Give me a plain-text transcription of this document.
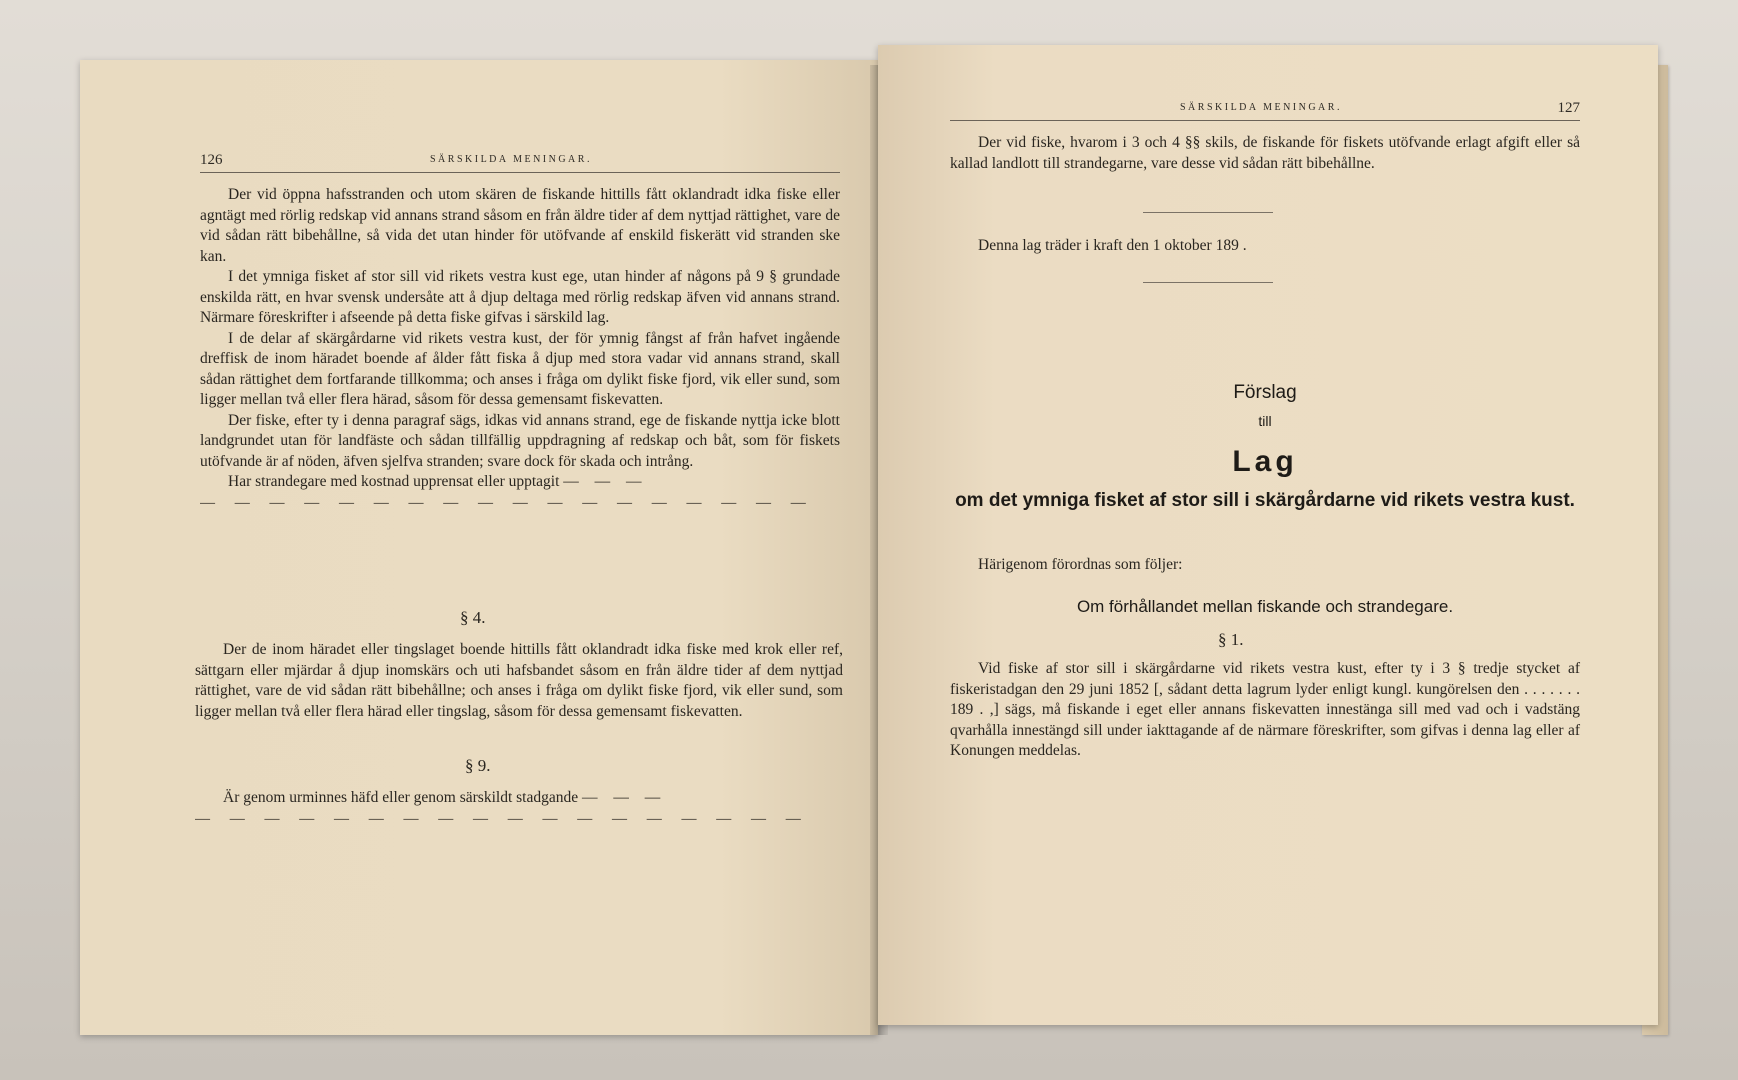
126	SÄRSKILDA MENINGAR.

Der vid öppna hafsstranden och utom skären de fiskande hittills fått oklandradt idka fiske eller agntägt med rörlig redskap vid annans strand såsom en från äldre tider af dem nyttjad rättighet, vare de vid sådan rätt bibehållne, så vida det utan hinder för utöfvande af enskild fiskerätt vid stranden ske kan.

I det ymniga fisket af stor sill vid rikets vestra kust ege, utan hinder af någons på 9 § grundade enskilda rätt, en hvar svensk undersåte att å djup deltaga med rörlig redskap äfven vid annans strand. Närmare föreskrifter i afseende på detta fiske gifvas i särskild lag.

I de delar af skärgårdarne vid rikets vestra kust, der för ymnig fångst af från hafvet ingående dreffisk de inom häradet boende af ålder fått fiska å djup med stora vadar vid annans strand, skall sådan rättighet dem fortfarande tillkomma; och anses i fråga om dylikt fiske fjord, vik eller sund, som ligger mellan två eller flera härad, såsom för dessa gemensamt fiskevatten.

Der fiske, efter ty i denna paragraf sägs, idkas vid annans strand, ege de fiskande nyttja icke blott landgrundet utan för landfäste och sådan tillfällig uppdragning af redskap och båt, som för fiskets utöfvande är af nöden, äfven sjelfva stranden; svare dock för skada och intrång.

Har strandegare med kostnad upprensat eller upptagit — — —

— — — — — — — — — — — — — — — — — —
§ 4.

Der de inom häradet eller tingslaget boende hittills fått oklandradt idka fiske med krok eller ref, sättgarn eller mjärdar å djup inomskärs och uti hafsbandet såsom en från äldre tider af dem nyttjad rättighet, vare de vid sådan rätt bibehållne; och anses i fråga om dylikt fiske fjord, vik eller sund, som ligger mellan två eller flera härad eller tingslag, såsom för dessa gemensamt fiskevatten.

§ 9.

Är genom urminnes häfd eller genom särskildt stadgande — — —

— — — — — — — — — — — — — — — — — —
SÄRSKILDA MENINGAR.	127

Der vid fiske, hvarom i 3 och 4 §§ skils, de fiskande för fiskets utöfvande erlagt afgift eller så kallad landlott till strandegarne, vare desse vid sådan rätt bibehållne.

Denna lag träder i kraft den 1 oktober 189 .

Förslag
till
Lag
om det ymniga fisket af stor sill i skärgårdarne vid rikets vestra kust.

Härigenom förordnas som följer:

Om förhållandet mellan fiskande och strandegare.
§ 1.

Vid fiske af stor sill i skärgårdarne vid rikets vestra kust, efter ty i 3 § tredje stycket af fiskeristadgan den 29 juni 1852 [, sådant detta lagrum lyder enligt kungl. kungörelsen den . . . . . . . 189 . ,] sägs, må fiskande i eget eller annans fiskevatten innestänga sill med vad och i vadstäng qvarhålla innestängd sill under iakttagande af de närmare föreskrifter, som gifvas i denna lag eller af Konungen meddelas.
